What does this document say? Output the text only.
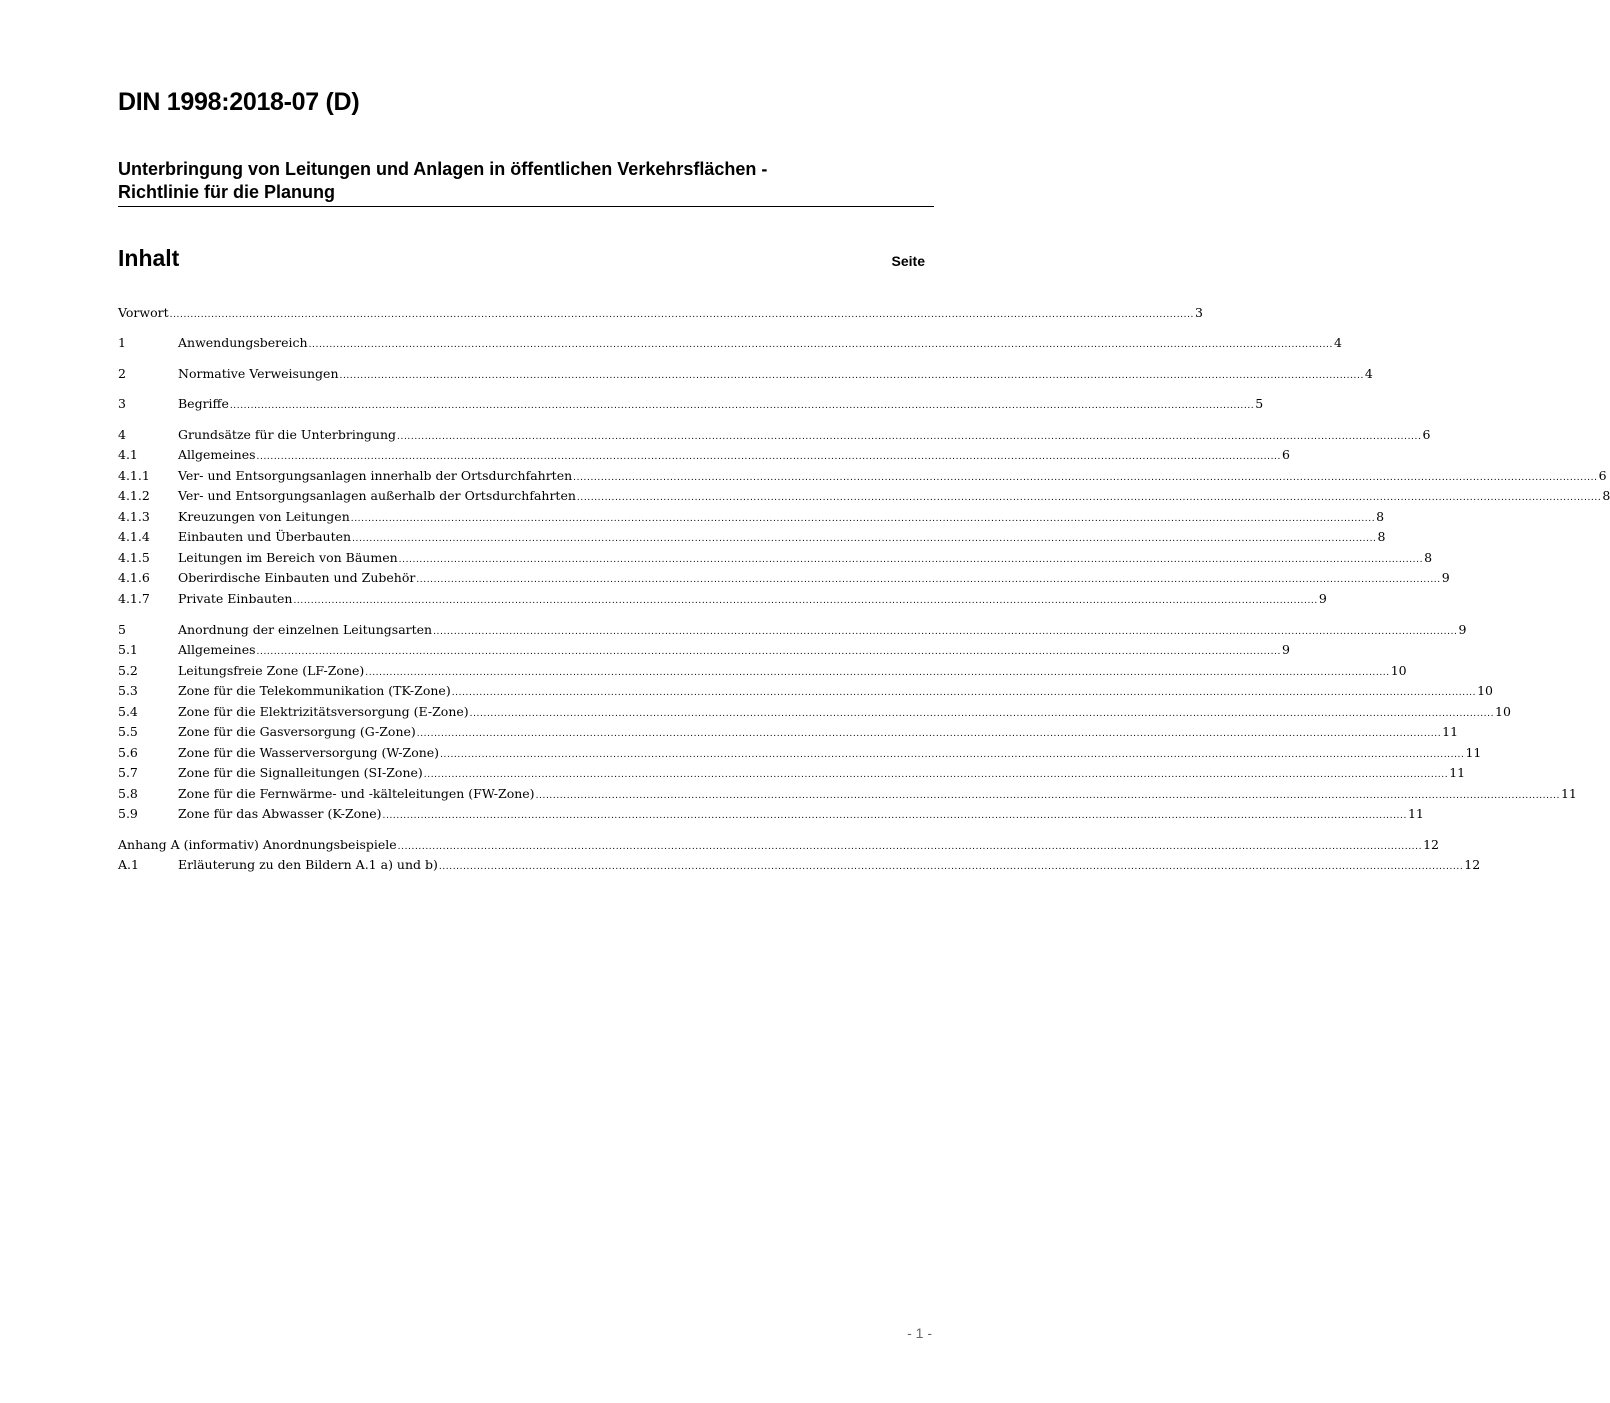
DIN 1998:2018-07 (D)
Unterbringung von Leitungen und Anlagen in öffentlichen Verkehrsflächen -
Richtlinie für die Planung
Inhalt	Seite
Vorwort .....	3
1	Anwendungsbereich .....	4
2	Normative Verweisungen .....	4
3	Begriffe .....	5
4	Grundsätze für die Unterbringung .....	6
4.1	Allgemeines .....	6
4.1.1	Ver- und Entsorgungsanlagen innerhalb der Ortsdurchfahrten .....	6
4.1.2	Ver- und Entsorgungsanlagen außerhalb der Ortsdurchfahrten .....	8
4.1.3	Kreuzungen von Leitungen .....	8
4.1.4	Einbauten und Überbauten .....	8
4.1.5	Leitungen im Bereich von Bäumen .....	8
4.1.6	Oberirdische Einbauten und Zubehör .....	9
4.1.7	Private Einbauten .....	9
5	Anordnung der einzelnen Leitungsarten .....	9
5.1	Allgemeines .....	9
5.2	Leitungsfreie Zone (LF-Zone) .....	10
5.3	Zone für die Telekommunikation (TK-Zone) .....	10
5.4	Zone für die Elektrizitätsversorgung (E-Zone) .....	10
5.5	Zone für die Gasversorgung (G-Zone) .....	11
5.6	Zone für die Wasserversorgung (W-Zone) .....	11
5.7	Zone für die Signalleitungen (SI-Zone) .....	11
5.8	Zone für die Fernwärme- und -kälteleitungen (FW-Zone) .....	11
5.9	Zone für das Abwasser (K-Zone) .....	11
Anhang A (informativ) Anordnungsbeispiele .....	12
A.1	Erläuterung zu den Bildern A.1 a) und b) .....	12
- 1 -
